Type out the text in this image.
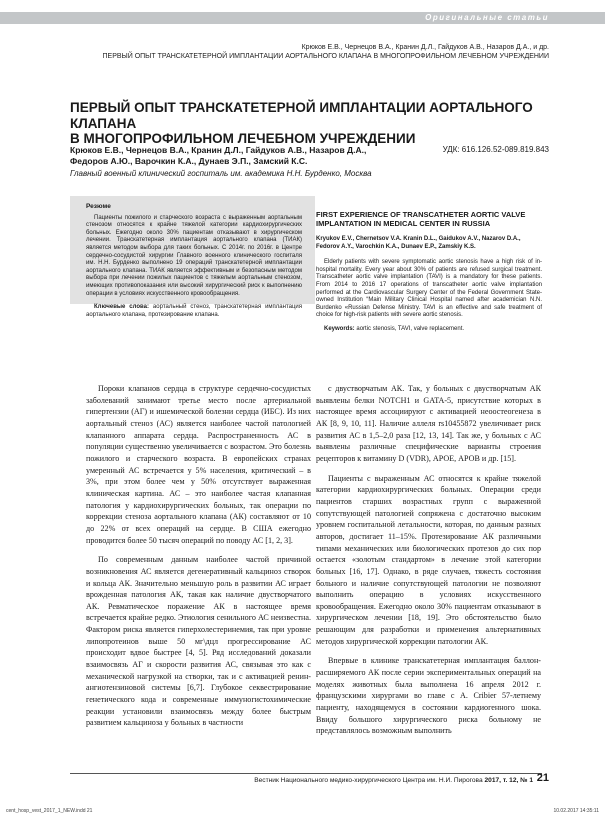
Оригинальные статьи
Крюков Е.В., Чернецов В.А., Кранин Д.Л., Гайдуков А.В., Назаров Д.А., и др.
ПЕРВЫЙ ОПЫТ ТРАНСКАТЕТЕРНОЙ ИМПЛАНТАЦИИ АОРТАЛЬНОГО КЛАПАНА В МНОГОПРОФИЛЬНОМ ЛЕЧЕБНОМ УЧРЕЖДЕНИИ
ПЕРВЫЙ ОПЫТ ТРАНСКАТЕТЕРНОЙ ИМПЛАНТАЦИИ АОРТАЛЬНОГО КЛАПАНА
В МНОГОПРОФИЛЬНОМ ЛЕЧЕБНОМ УЧРЕЖДЕНИИ
Крюков Е.В., Чернецов В.А., Кранин Д.Л., Гайдуков А.В., Назаров Д.А.,
Федоров А.Ю., Варочкин К.А., Дунаев Э.П., Замский К.С.
УДК: 616.126.52-089.819.843
Главный военный клинический госпиталь им. академика Н.Н. Бурденко, Москва
Резюме

Пациенты пожилого и старческого возраста с выраженным аортальным стенозом относятся к крайне тяжелой категории кардиохирургических больных. Ежегодно около 30% пациентам отказывают в хирургическом лечении. Транскатетерная имплантация аортального клапана (ТИАК) является методом выбора для таких больных. С 2014г. по 2016г. в Центре сердечно-сосудистой хирургии Главного военного клинического госпиталя им. Н.Н. Бурденко выполнено 19 операций транскатетерной имплантации аортального клапана. ТИАК является эффективным и безопасным методом выбора при лечении пожилых пациентов с тяжелым аортальным стенозом, имеющих противопоказания или высокий хирургический риск к выполнению операции в условиях искусственного кровообращения.

Ключевые слова: аортальный стеноз, транскатетерная имплантация аортального клапана, протезирование клапана.

FIRST EXPERIENCE OF TRANSCATHETER AORTIC VALVE IMPLANTATION IN MEDICAL CENTER IN RUSSIA
Kryukov E.V., Chernetsov V.A. Kranin D.L., Gaidukov A.V., Nazarov D.A., Fedorov A.Y., Varochkin K.A., Dunaev E.P., Zamskiy K.S.

Elderly patients with severe symptomatic aortic stenosis have a high risk of in-hospital mortality. Every year about 30% of patients are refused surgical treatment. Transcatheter aortic valve implantation (TAVI) is a mandatory for these patients. From 2014 to 2016 17 operations of transcatheter aortic valve implantation performed at the Cardiovascular Surgery Center of the Federal Government State-owned Institution “Main Military Clinical Hospital named after academician N.N. Burdenko «Russian Defense Ministry. TAVI is an effective and safe treatment of choice for high-risk patients with severe aortic stenosis.

Keywords: aortic stenosis, TAVI, valve replacement.

Пороки клапанов сердца в структуре сердечно-сосудистых заболеваний занимают третье место после артериальной гипертензии (АГ) и ишемической болезни сердца (ИБС). Из них аортальный стеноз (АС) является наиболее частой патологией клапанного аппарата сердца. Распространенность АС в популяции существенно увеличивается с возрастом. Это болезнь пожилого и старческого возраста. В европейских странах умеренный АС встречается у 5% населения, критический – в 3%, при этом более чем у 50% отсутствует выраженная клиническая картина. АС – это наиболее частая клапанная патология у кардиохирургических больных, так операции по коррекции стеноза аортального клапана (АК) составляют от 10 до 22% от всех операций на сердце. В США ежегодно проводится более 50 тысяч операций по поводу АС [1, 2, 3].

По современным данным наиболее частой причиной возникновения АС является дегенеративный кальциноз створок и кольца АК. Значительно меньшую роль в развитии АС играет врожденная патология АК, такая как наличие двустворчатого АК. Ревматическое поражение АК в настоящее время встречается крайне редко. Этиология сенильного АС неизвестна. Фактором риска является гиперхолестеринемия, так при уровне липопротеинов выше 50 мг\дцл прогрессирование АС происходит вдвое быстрее [4, 5]. Ряд исследований доказали взаимосвязь АГ и скорости развития АС, связывая это как с механической нагрузкой на створки, так и с активацией ренин-ангиотензиновой системы [6,7]. Глубокое секвестрирование генетического кода и современные иммуногистохимические реакции установили взаимосвязь между более быстрым развитием кальциноза у больных в частности

с двустворчатым АК. Так, у больных с двустворчатым АК выявлены белки NOTCH1 и GATA-5, присутствие которых в настоящее время ассоциируют с активацией неоостеогенеза в АК [8, 9, 10, 11]. Наличие аллеля rs10455872 увеличивает риск развития АС в 1,5–2,0 раза [12, 13, 14]. Так же, у больных с АС выявлены различные специфические варианты строения рецепторов к витамину D (VDR), АРОЕ, АРОВ и др. [15].

Пациенты с выраженным АС относятся к крайне тяжелой категории кардиохирургических больных. Операции среди пациентов старших возрастных групп с выраженной сопутствующей патологией сопряжена с достаточно высоким уровнем госпитальной летальности, которая, по данным разных авторов, достигает 11–15%. Протезирование АК различными типами механических или биологических протезов до сих пор остается «золотым стандартом» в лечение этой категории больных [16, 17]. Однако, в ряде случаев, тяжесть состояния больного и наличие сопутствующей патологии не позволяют выполнить операцию в условиях искусственного кровообращения. Ежегодно около 30% пациентам отказывают в хирургическом лечении [18, 19]. Это обстоятельство было решающим для разработки и применения альтернативных методов хирургической коррекции патологии АК.

Впервые в клинике транскатетерная имплантация баллон-расширяемого АК после серии экспериментальных операций на моделях животных была выполнена 16 апреля 2012 г. французскими хирургами во главе с A. Cribier 57-летнему пациенту, находящемуся в состоянии кардиогенного шока. Ввиду большого хирургического риска больному не представлялось возможным выполнить

Вестник Национального медико-хирургического Центра им. Н.И. Пирогова 2017, т. 12, № 1 21
cent_hosp_vest_2017_1_NEW.indd 21	10.02.2017 14:35:11
